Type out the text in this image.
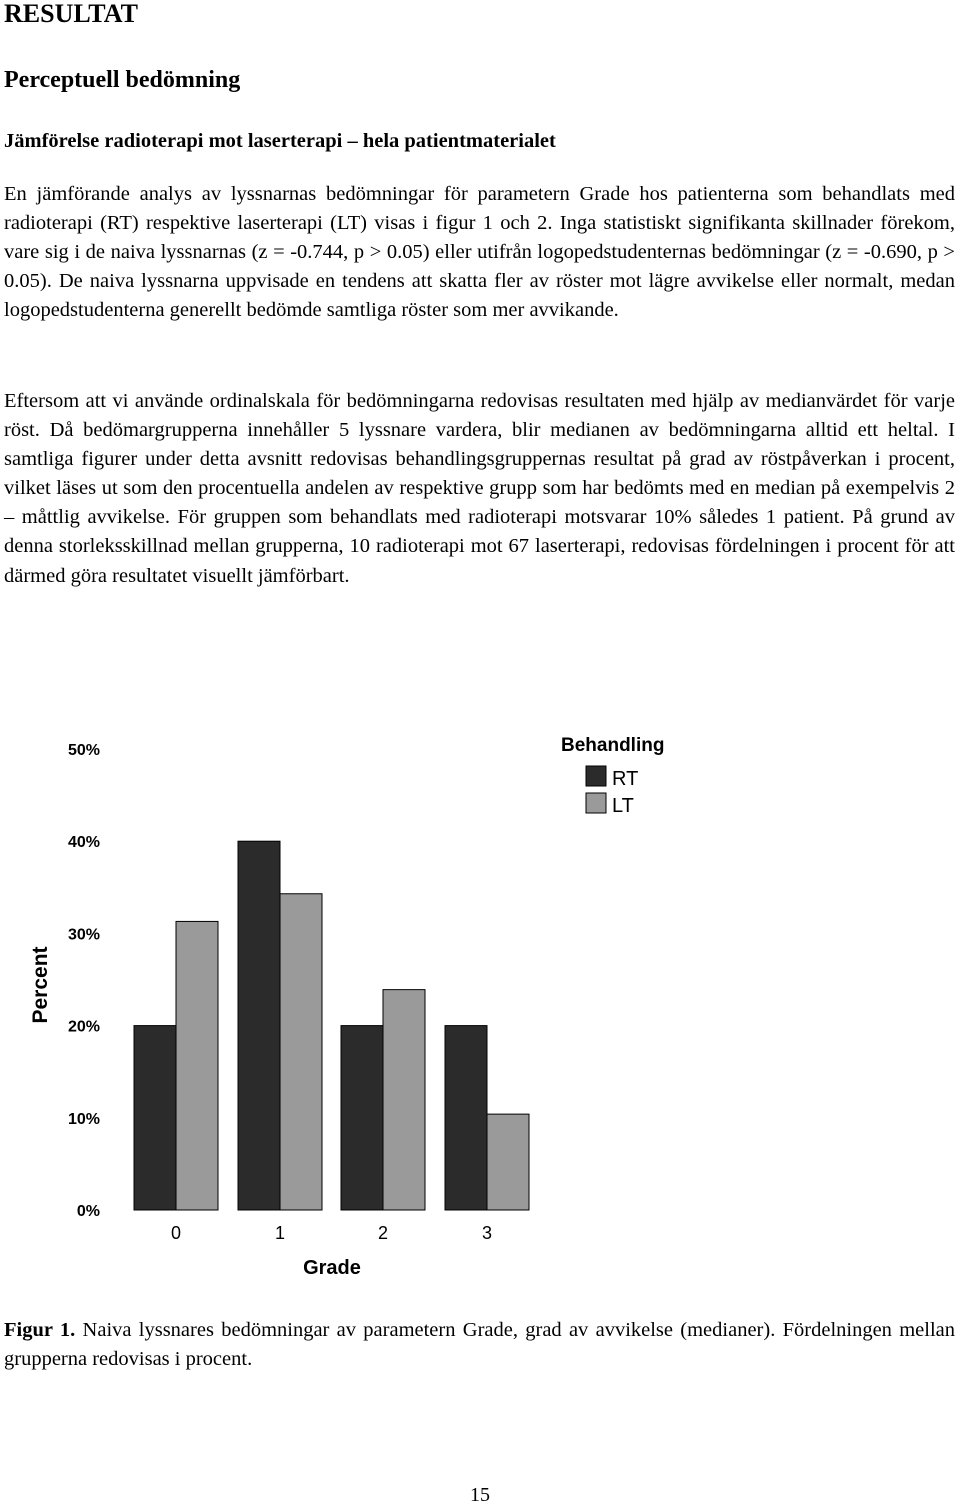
RESULTAT
Perceptuell bedömning
Jämförelse radioterapi mot laserterapi – hela patientmaterialet

En jämförande analys av lyssnarnas bedömningar för parametern Grade hos patienterna som behandlats med radioterapi (RT) respektive laserterapi (LT) visas i figur 1 och 2. Inga statistiskt signifikanta skillnader förekom, vare sig i de naiva lyssnarnas (z = -0.744, p > 0.05) eller utifrån logopedstudenternas bedömningar (z = -0.690, p > 0.05). De naiva lyssnarna uppvisade en tendens att skatta fler av röster mot lägre avvikelse eller normalt, medan logopedstudenterna generellt bedömde samtliga röster som mer avvikande.

Eftersom att vi använde ordinalskala för bedömningarna redovisas resultaten med hjälp av medianvärdet för varje röst. Då bedömargrupperna innehåller 5 lyssnare vardera, blir medianen av bedömningarna alltid ett heltal. I samtliga figurer under detta avsnitt redovisas behandlingsgruppernas resultat på grad av röstpåverkan i procent, vilket läses ut som den procentuella andelen av respektive grupp som har bedömts med en median på exempelvis 2 – måttlig avvikelse. För gruppen som behandlats med radioterapi motsvarar 10% således 1 patient. På grund av denna storleksskillnad mellan grupperna, 10 radioterapi mot 67 laserterapi, redovisas fördelningen i procent för att därmed göra resultatet visuellt jämförbart.

Percent
0%
10%
20%
30%
40%
50%
0	1	2	3
Grade
Behandling
RT
LT

Figur 1. Naiva lyssnares bedömningar av parametern Grade, grad av avvikelse (medianer). Fördelningen mellan grupperna redovisas i procent.

15
